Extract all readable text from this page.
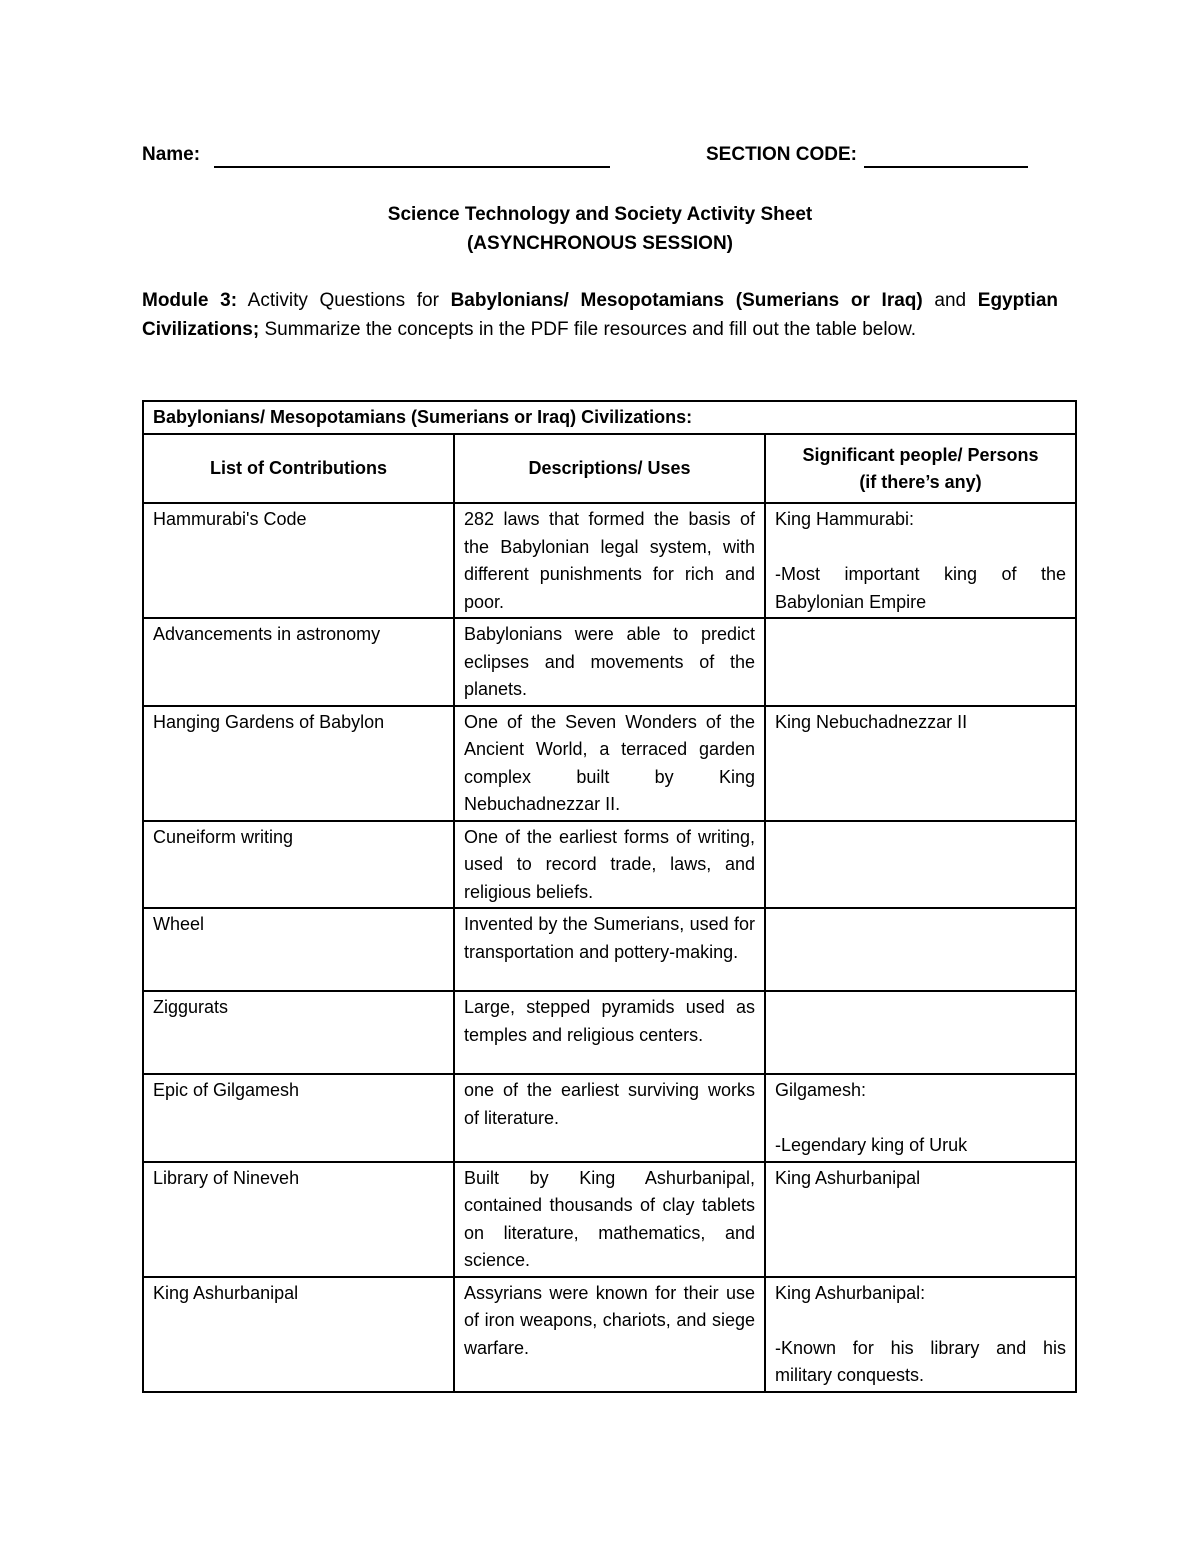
Name:	SECTION CODE:
Science Technology and Society Activity Sheet
(ASYNCHRONOUS SESSION)
Module 3: Activity Questions for Babylonians/ Mesopotamians (Sumerians or Iraq) and Egyptian Civilizations; Summarize the concepts in the PDF file resources and fill out the table below.
Babylonians/ Mesopotamians (Sumerians or Iraq) Civilizations:		
List of Contributions	Descriptions/ Uses	Significant people/ Persons
(if there’s any)

Hammurabi's Code	282 laws that formed the basis of the Babylonian legal system, with different punishments for rich and poor.	King Hammurabi:
-Most important king of the Babylonian Empire

Advancements in astronomy	Babylonians were able to predict eclipses and movements of the planets.	
Hanging Gardens of Babylon	One of the Seven Wonders of the Ancient World, a terraced garden complex built by King Nebuchadnezzar II.	King Nebuchadnezzar II

Cuneiform writing	One of the earliest forms of writing, used to record trade, laws, and religious beliefs.	
Wheel	Invented by the Sumerians, used for transportation and pottery-making.	
Ziggurats	Large, stepped pyramids used as temples and religious centers.	
Epic of Gilgamesh	one of the earliest surviving works of literature.	Gilgamesh:
-Legendary king of Uruk

Library of Nineveh	Built by King Ashurbanipal, contained thousands of clay tablets on literature, mathematics, and science.	King Ashurbanipal

King Ashurbanipal	Assyrians were known for their use of iron weapons, chariots, and siege warfare.	King Ashurbanipal:
-Known for his library and his military conquests.
